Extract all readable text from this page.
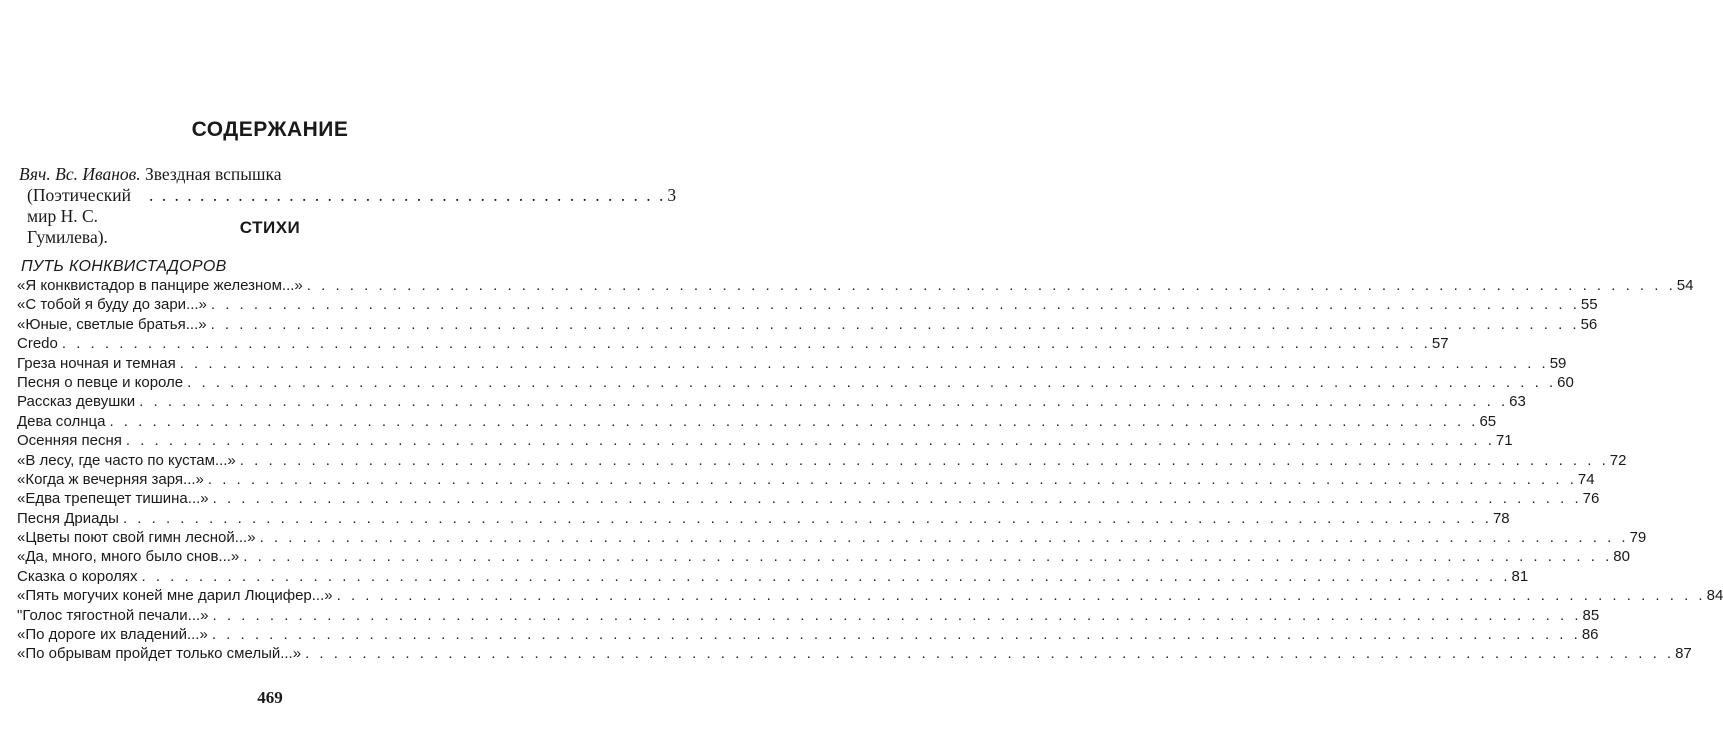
СОДЕРЖАНИЕ
Вяч. Вс. Иванов. Звездная вспышка
(Поэтический мир Н. С. Гумилева).
. . . . . . . . . . . . . . . . . . . . . . . . . . . . . . . . . . . . . . . . . 3
СТИХИ
ПУТЬ КОНКВИСТАДОРОВ
«Я конквистадор в панцире железном...» . . .	54
«С тобой я буду до зари...» . . .	55
«Юные, светлые братья...» . . .	56
Credo . . .	57
Греза ночная и темная . . .	59
Песня о певце и короле . . .	60
Рассказ девушки . . .	63
Дева солнца . . .	65
Осенняя песня . . .	71
«В лесу, где часто по кустам...» . . .	72
«Когда ж вечерняя заря...» . . .	74
«Едва трепещет тишина...» . . .	76
Песня Дриады . . .	78
«Цветы поют свой гимн лесной...» . . .	79
«Да, много, много было снов...» . . .	80
Сказка о королях . . .	81
«Пять могучих коней мне дарил Люцифер...» . . .	84
"Голос тягостной печали...» . . .	85
«По дороге их владений...» . . .	86
«По обрывам пройдет только смелый...» . . .	87
469
